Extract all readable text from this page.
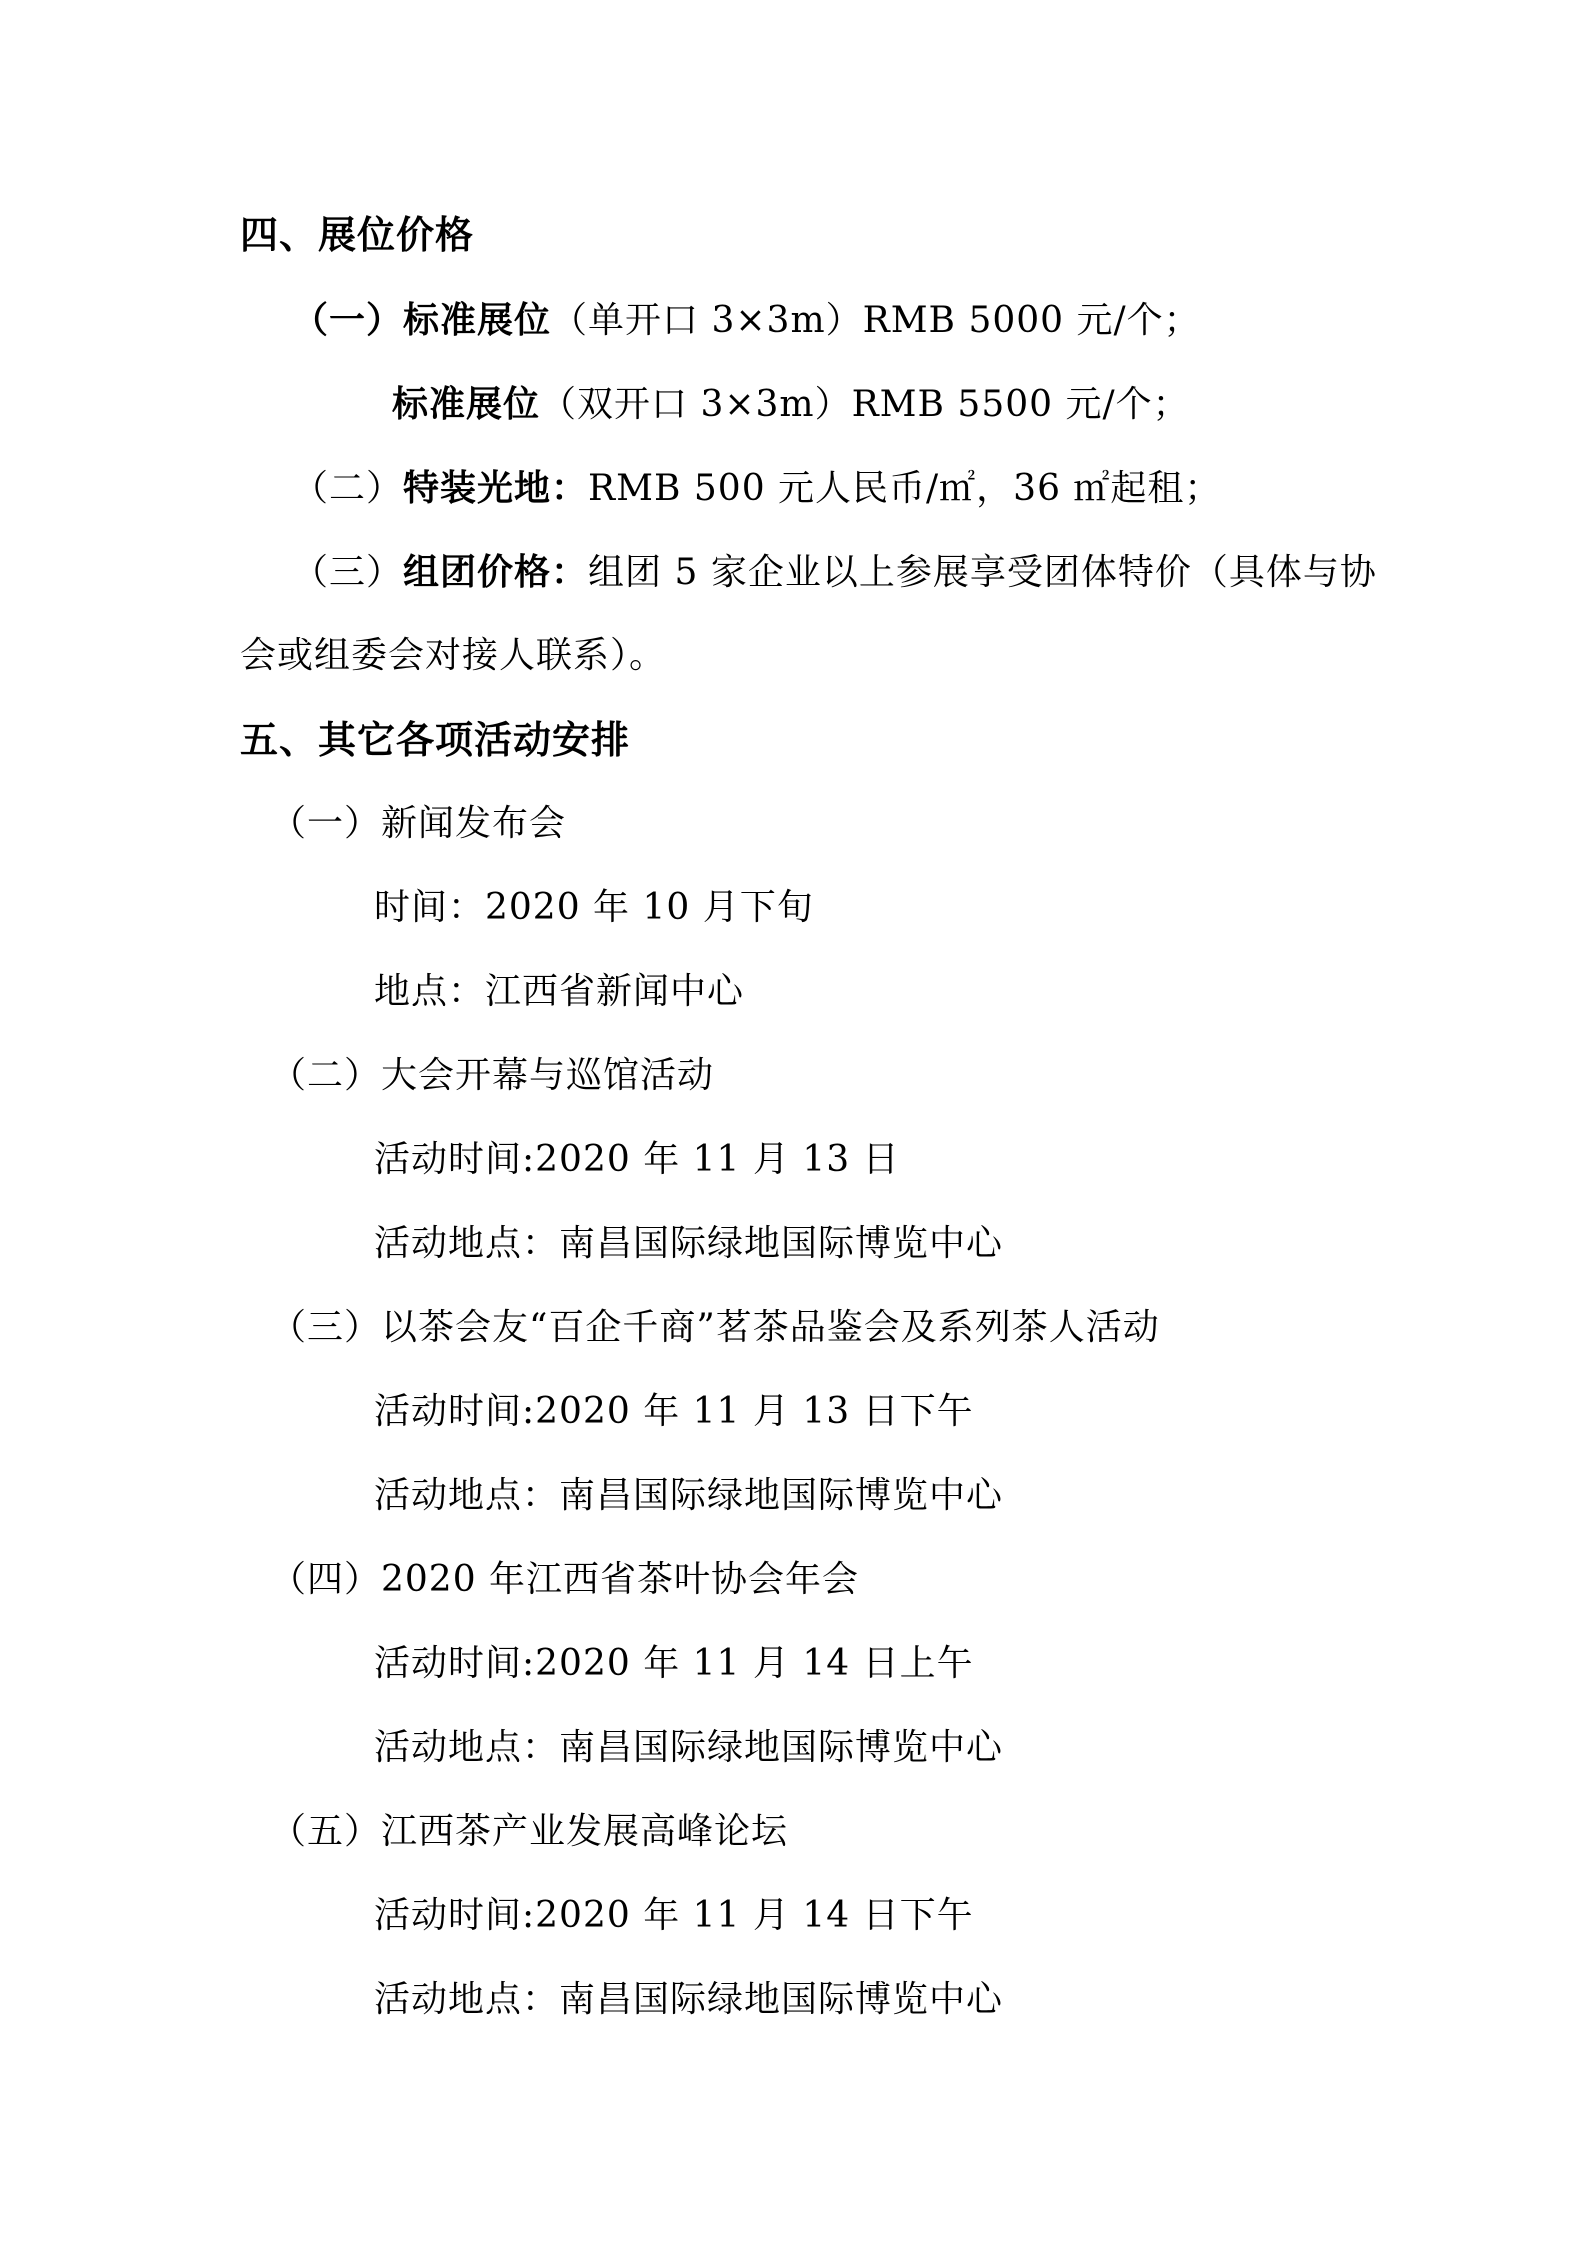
四、展位价格
（一）标准展位（单开口 3×3m）RMB 5000 元/个；
标准展位（双开口 3×3m）RMB 5500 元/个；
（二）特装光地：RMB 500 元人民币/㎡，36 ㎡起租；
（三）组团价格：组团 5 家企业以上参展享受团体特价（具体与协
会或组委会对接人联系）。
五、其它各项活动安排
（一）新闻发布会
时间：2020 年 10 月下旬
地点：江西省新闻中心
（二）大会开幕与巡馆活动
活动时间:2020 年 11 月 13 日
活动地点：南昌国际绿地国际博览中心
（三）以茶会友“百企千商”茗茶品鉴会及系列茶人活动
活动时间:2020 年 11 月 13 日下午
活动地点：南昌国际绿地国际博览中心
（四）2020 年江西省茶叶协会年会
活动时间:2020 年 11 月 14 日上午
活动地点：南昌国际绿地国际博览中心
（五）江西茶产业发展高峰论坛
活动时间:2020 年 11 月 14 日下午
活动地点：南昌国际绿地国际博览中心
